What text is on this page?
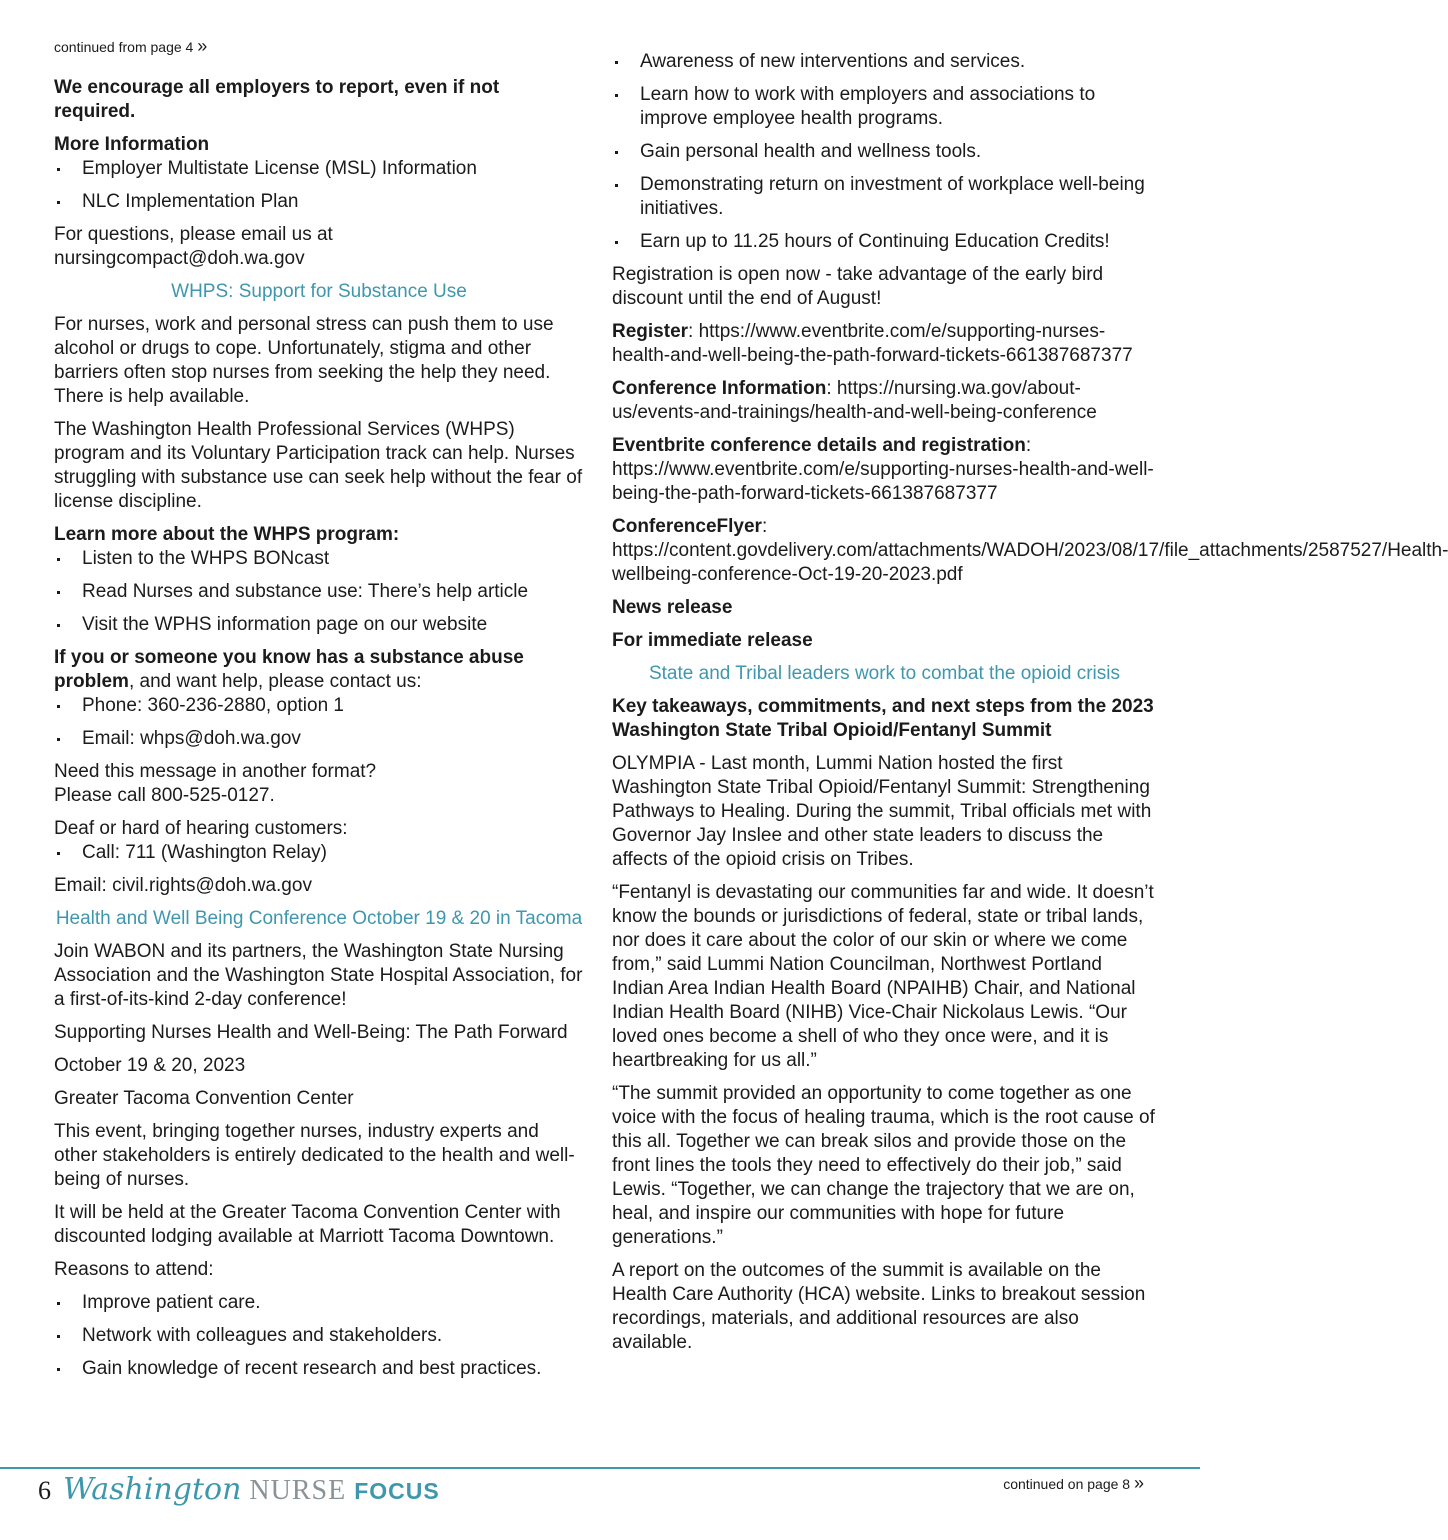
continued from page 4 »

We encourage all employers to report, even if not required.

More Information

Employer Multistate License (MSL) Information
NLC Implementation Plan

For questions, please email us at nursingcompact@doh.wa.gov

WHPS: Support for Substance Use

For nurses, work and personal stress can push them to use alcohol or drugs to cope. Unfortunately, stigma and other barriers often stop nurses from seeking the help they need. There is help available.

The Washington Health Professional Services (WHPS) program and its Voluntary Participation track can help. Nurses struggling with substance use can seek help without the fear of license discipline.

Learn more about the WHPS program:

Listen to the WHPS BONcast
Read Nurses and substance use: There’s help article
Visit the WPHS information page on our website

If you or someone you know has a substance abuse problem, and want help, please contact us:

Phone: 360-236-2880, option 1
Email: whps@doh.wa.gov

Need this message in another format?
Please call 800-525-0127.

Deaf or hard of hearing customers:

Call: 711 (Washington Relay)

Email: civil.rights@doh.wa.gov

Health and Well Being Conference October 19 & 20 in Tacoma

Join WABON and its partners, the Washington State Nursing Association and the Washington State Hospital Association, for a first-of-its-kind 2-day conference!

Supporting Nurses Health and Well-Being: The Path Forward

October 19 & 20, 2023

Greater Tacoma Convention Center

This event, bringing together nurses, industry experts and other stakeholders is entirely dedicated to the health and well-being of nurses.

It will be held at the Greater Tacoma Convention Center with discounted lodging available at Marriott Tacoma Downtown.

Reasons to attend:

Improve patient care.
Network with colleagues and stakeholders.
Gain knowledge of recent research and best practices.
Awareness of new interventions and services.
Learn how to work with employers and associations to improve employee health programs.
Gain personal health and wellness tools.
Demonstrating return on investment of workplace well-being initiatives.
Earn up to 11.25 hours of Continuing Education Credits!

Registration is open now - take advantage of the early bird discount until the end of August!

Register: https://www.eventbrite.com/e/supporting-nurses-health-and-well-being-the-path-forward-tickets-661387687377

Conference Information: https://nursing.wa.gov/about-us/events-and-trainings/health-and-well-being-conference

Eventbrite conference details and registration: https://www.eventbrite.com/e/supporting-nurses-health-and-well-being-the-path-forward-tickets-661387687377

ConferenceFlyer: https://content.govdelivery.com/attachments/WADOH/2023/08/17/file_attachments/2587527/Health-wellbeing-conference-Oct-19-20-2023.pdf

News release

For immediate release

State and Tribal leaders work to combat the opioid crisis

Key takeaways, commitments, and next steps from the 2023 Washington State Tribal Opioid/Fentanyl Summit

OLYMPIA - Last month, Lummi Nation hosted the first Washington State Tribal Opioid/Fentanyl Summit: Strengthening Pathways to Healing. During the summit, Tribal officials met with Governor Jay Inslee and other state leaders to discuss the affects of the opioid crisis on Tribes.

“Fentanyl is devastating our communities far and wide. It doesn’t know the bounds or jurisdictions of federal, state or tribal lands, nor does it care about the color of our skin or where we come from,” said Lummi Nation Councilman, Northwest Portland Indian Area Indian Health Board (NPAIHB) Chair, and National Indian Health Board (NIHB) Vice-Chair Nickolaus Lewis. “Our loved ones become a shell of who they once were, and it is heartbreaking for us all.”

“The summit provided an opportunity to come together as one voice with the focus of healing trauma, which is the root cause of this all. Together we can break silos and provide those on the front lines the tools they need to effectively do their job,” said Lewis. “Together, we can change the trajectory that we are on, heal, and inspire our communities with hope for future generations.”

A report on the outcomes of the summit is available on the Health Care Authority (HCA) website. Links to breakout session recordings, materials, and additional resources are also available.

continued on page 8 »
6 Washington NURSE FOCUS
